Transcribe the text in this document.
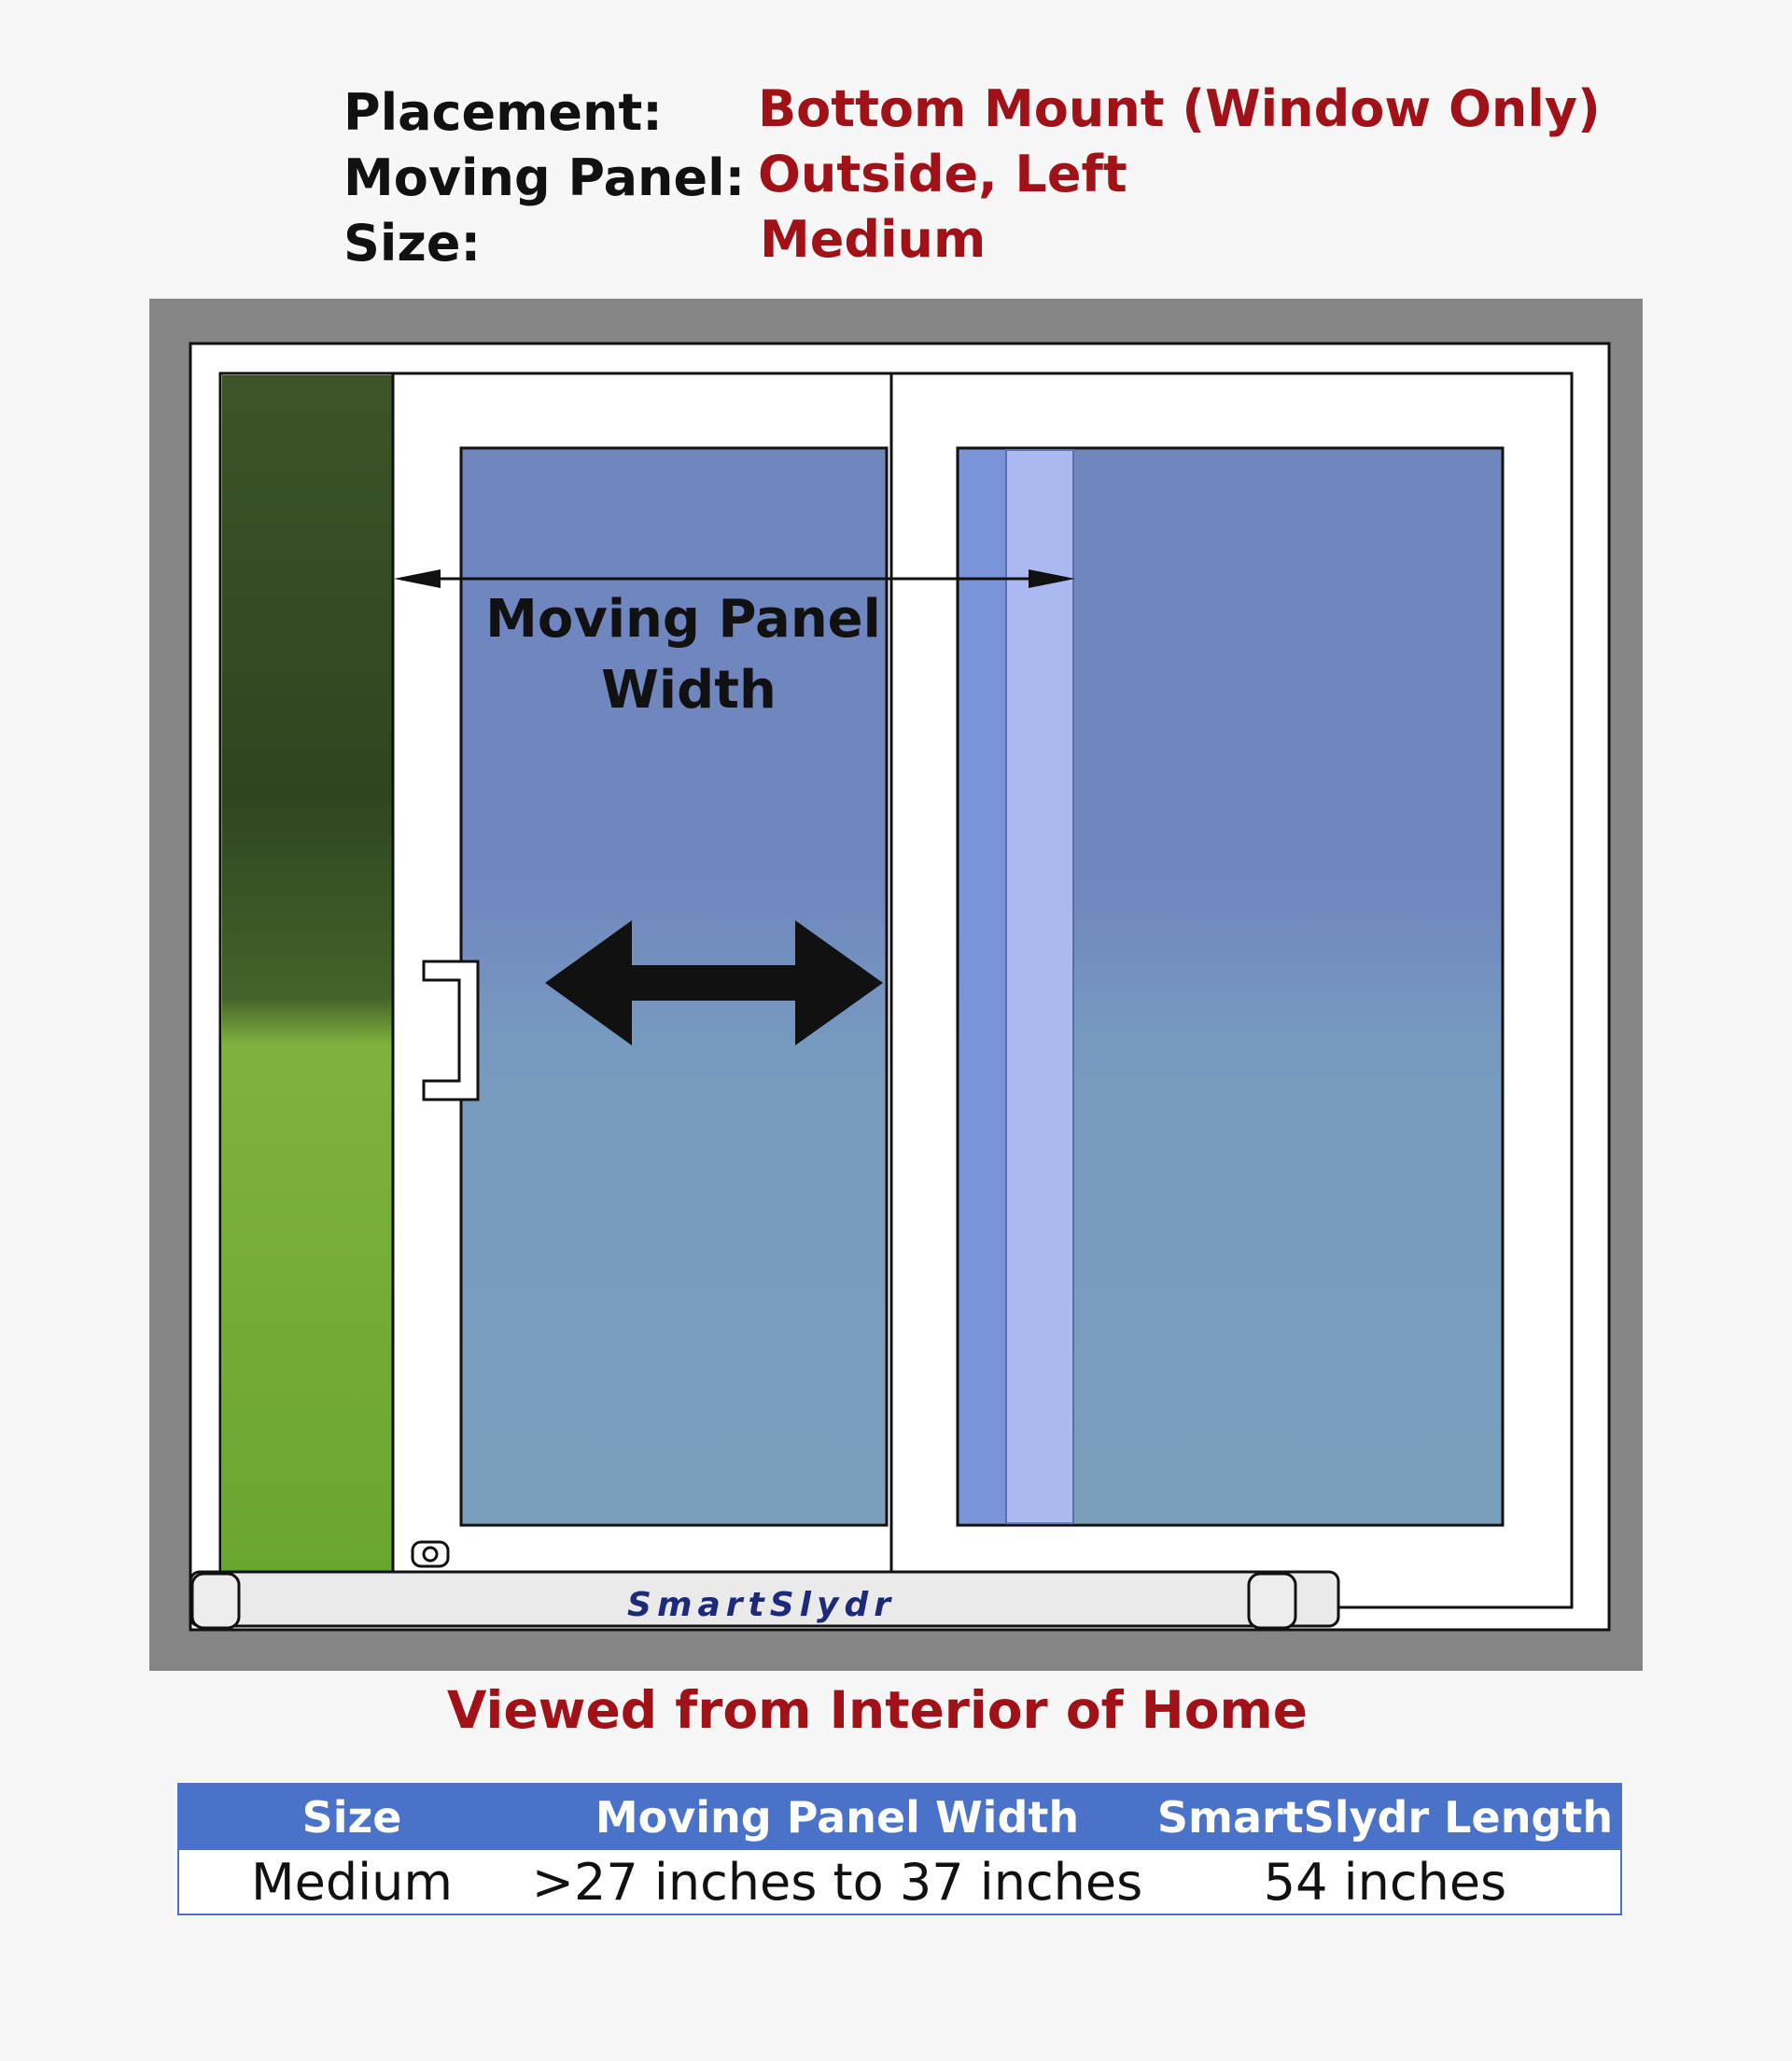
Placement: Bottom Mount (Window Only)
Moving Panel: Outside, Left
Size:	Medium
Moving Panel
Width
SmartSlydr
Viewed from Interior of Home
Size	Moving Panel Width	SmartSlydr Length
Medium	>27 inches to 37 inches	54 inches
